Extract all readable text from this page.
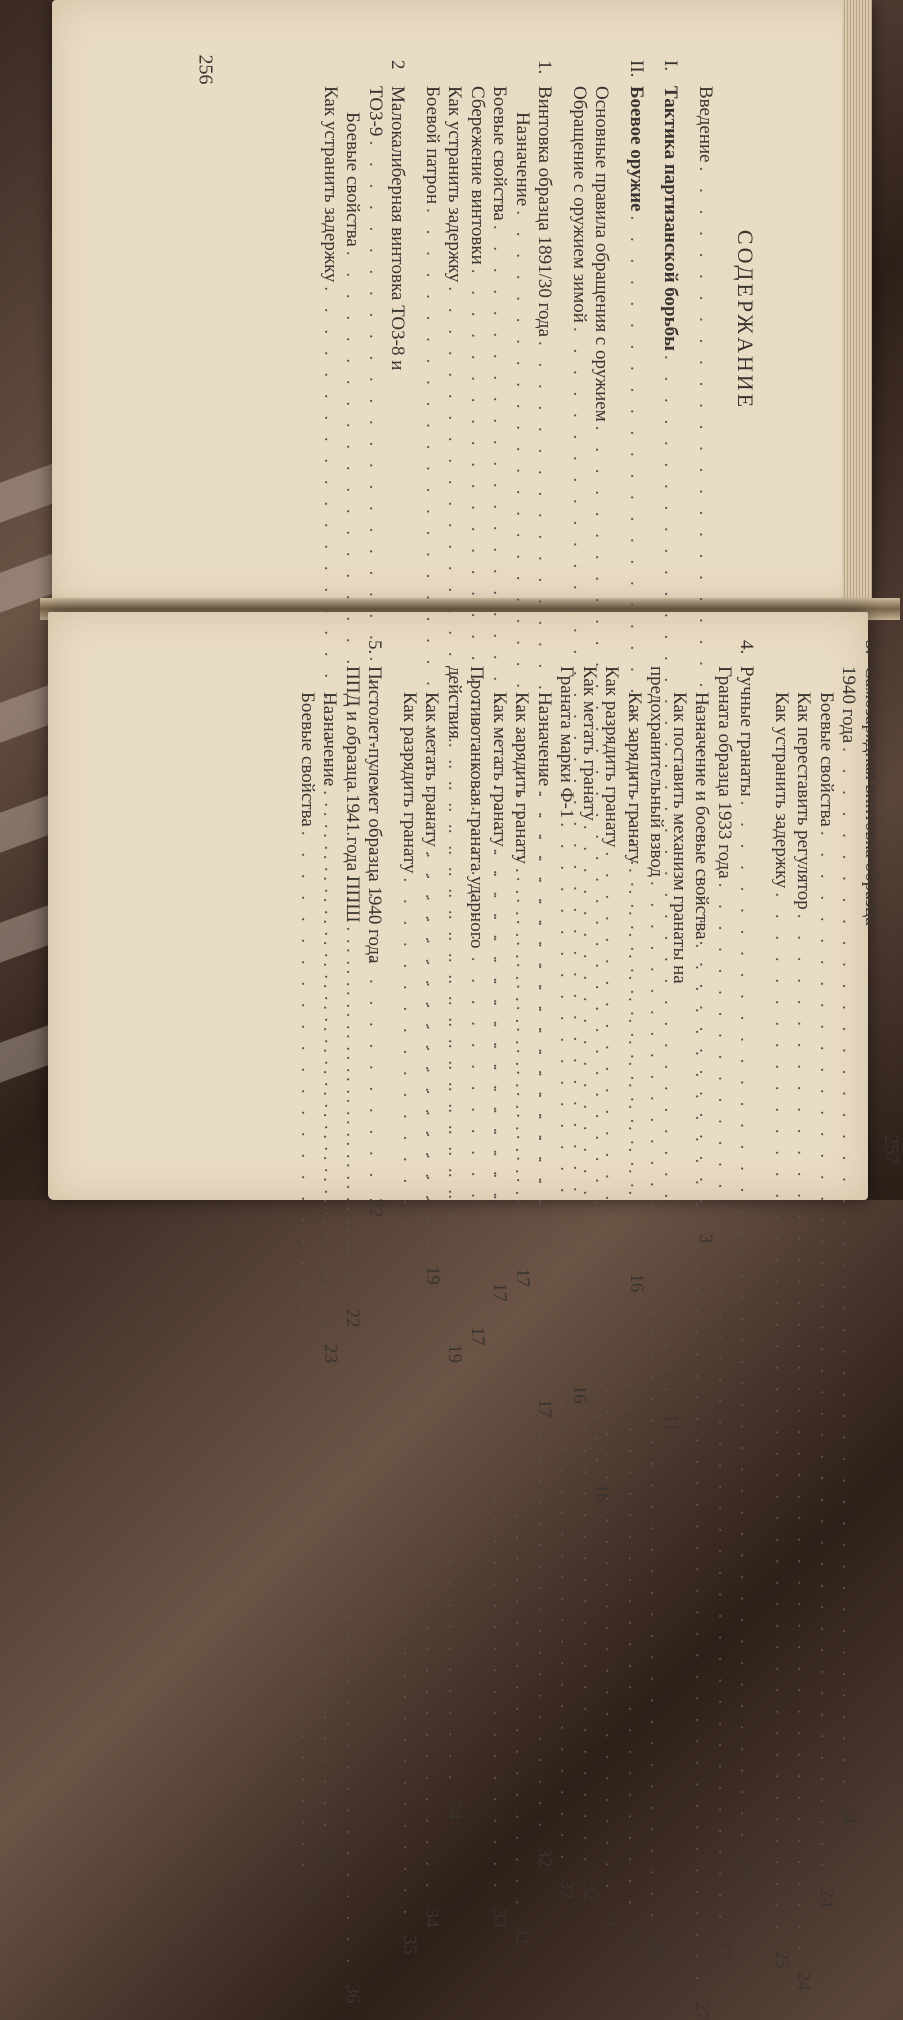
256
СОДЕРЖАНИЕ
Введение
. . .
3
I.
Тактика партизанской борьбы
. . .
11
II.
Боевое оружие
. . .
16
Основные правила обращения с оружием
. . .
16
Обращение с оружием зимой
. . .
16
1.
Винтовка образца 1891/30 года
. . .
17
Назначение
. . .
17
Боевые свойства
. . .
17
Сбережение винтовки
. . .
17
Как устранить задержку
. . .
19
Боевой патрон
. . .
19
2
Малокалиберная винтовка ТОЗ-8 и
ТОЗ-9
. . .
22
Боевые свойства
. . .
22
Как устранить задержку
. . .
23
3.
Самозарядная винтовка образца
1940 года
. . .
24
Боевые свойства
. . .
24
Как переставить регулятор
. . .
24
Как устранить задержку
. . .
25
4.
Ручные гранаты
. . .
27
Граната образца 1933 года
. . .
27
Назначение и боевые свойства
. . .
27
Как поставить механизм гранаты на
предохранительный взвод
. . .
29
Как зарядить гранату
. . .
31
Как разрядить гранату
. . .
31
Как метать гранату
. . .
32
Граната марки Ф-1
. . .
32
Назначение
. . .
32
Как зарядить гранату
. . .
32
Как метать гранату
. . .
33
Противотанковая граната ударного
действия
. . .
34
Как метать гранату
. . .
34
Как разрядить гранату
. . .
35
5.
Пистолет-пулемет образца 1940 года
ППД и образца 1941 года ППШ
. . .
36
Назначение
. . .
36
Боевые свойства
. . .
37
257
